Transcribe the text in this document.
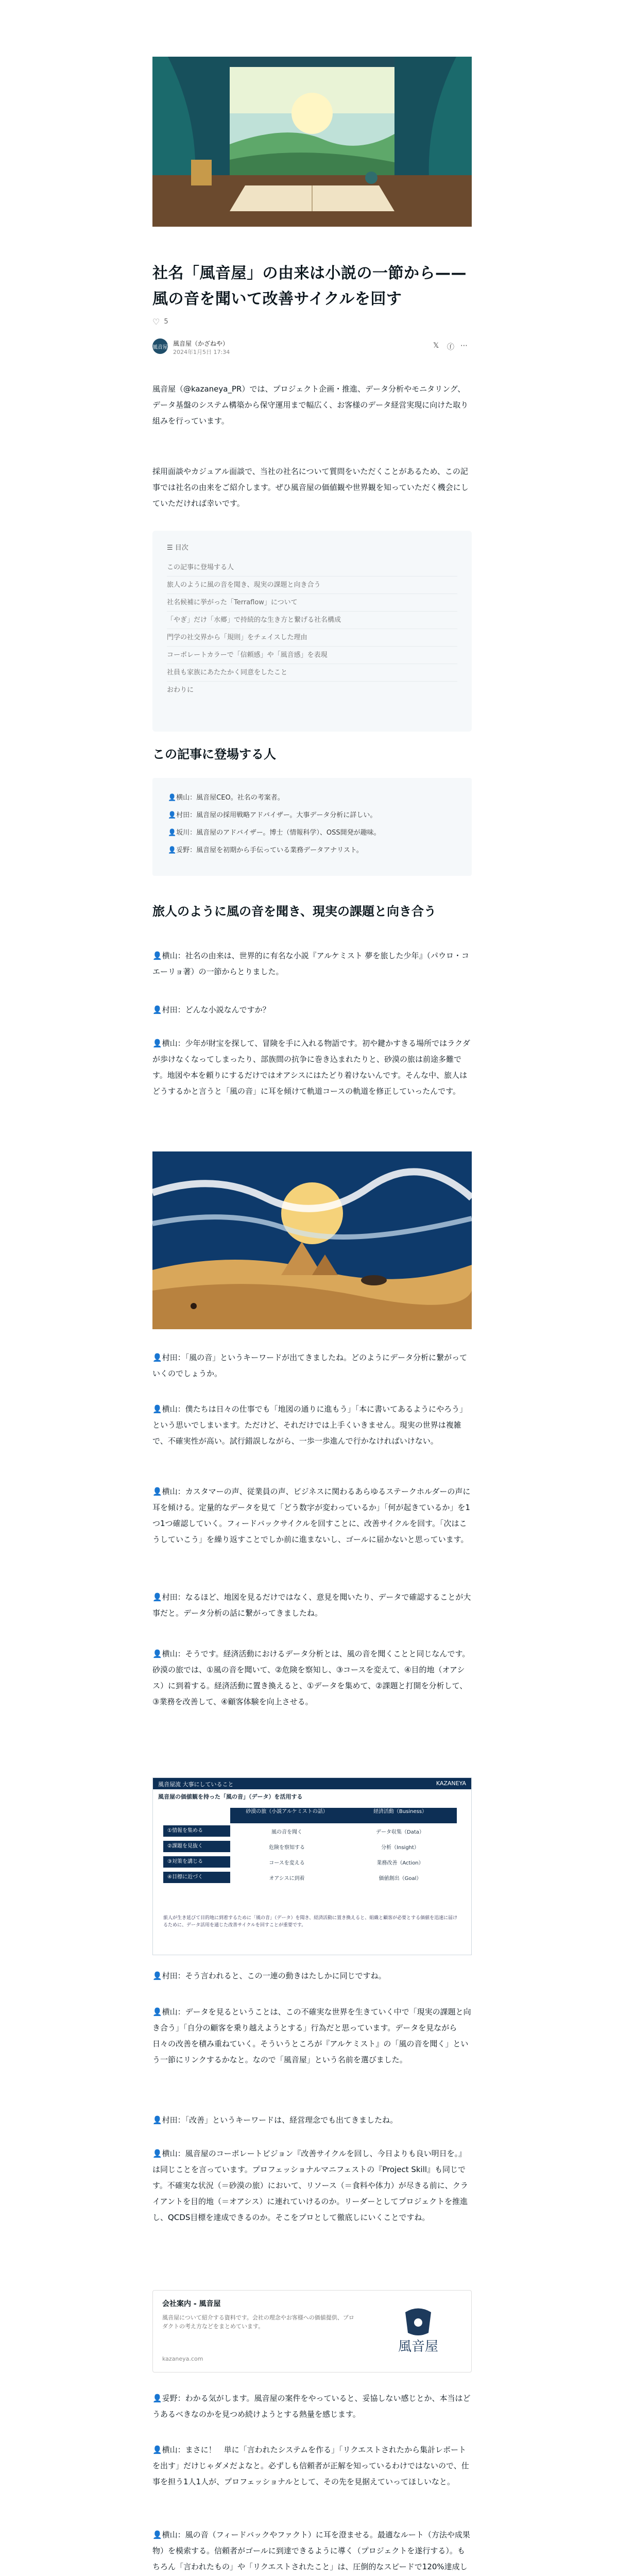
社名「風音屋」の由来は小説の一節から——風の音を聞いて改善サイクルを回す
♡ 5
風音屋 風音屋（かざねや）
2024年1月5日 17:34
𝕏 ⓕ ⋯

風音屋（@kazaneya_PR）では、プロジェクト企画・推進、データ分析やモニタリング、データ基盤のシステム構築から保守運用まで幅広く、お客様のデータ経営実現に向けた取り組みを行っています。

採用面談やカジュアル面談で、当社の社名について質問をいただくことがあるため、この記事では社名の由来をご紹介します。ぜひ風音屋の価値観や世界観を知っていただく機会にしていただければ幸いです。

☰ 目次
この記事に登場する人
旅人のように風の音を聞き、現実の課題と向き合う
社名候補に挙がった「Terraflow」について
「やぎ」だけ「水郷」で持続的な生き方と繋げる社名構成
門学の社交界から「規則」をチェイスした理由
コーポレートカラーで「信頼感」や「風音感」を表現
社員も家族にあたたかく同意をしたこと
おわりに
この記事に登場する人
👤横山：風音屋CEO。社名の考案者。
👤村田：風音屋の採用戦略アドバイザー。大事データ分析に詳しい。
👤坂川：風音屋のアドバイザー。博士（情報科学）、OSS開発が趣味。
👤妥野：風音屋を初期から手伝っている業務データアナリスト。
旅人のように風の音を聞き、現実の課題と向き合う

👤横山：社名の由来は、世界的に有名な小説『アルケミスト 夢を旅した少年』（パウロ・コエーリョ著）の一節からとりました。

👤村田：どんな小説なんですか？

👤横山：少年が財宝を探して、冒険を手に入れる物語です。初や鍵かすきる場所ではラクダが歩けなくなってしまったり、部族間の抗争に巻き込まれたりと、砂漠の旅は前途多難です。地図や本を頼りにするだけではオアシスにはたどり着けないんです。そんな中、旅人はどうするかと言うと「風の音」に耳を傾けて軌道コースの軌道を修正していったんです。

👤村田：「風の音」というキーワードが出てきましたね。どのようにデータ分析に繋がっていくのでしょうか。

👤横山：僕たちは日々の仕事でも「地図の通りに進もう」「本に書いてあるようにやろう」という思いでしまいます。ただけど、それだけでは上手くいきません。現実の世界は複雑で、不確実性が高い。試行錯誤しながら、一歩一歩進んで行かなければいけない。

👤横山：カスタマーの声、従業員の声、ビジネスに関わるあらゆるステークホルダーの声に耳を傾ける。定量的なデータを見て「どう数字が変わっているか」「何が起きているか」を1つ1つ確認していく。フィードバックサイクルを回すことに、改善サイクルを回す。「次はこうしていこう」を繰り返すことでしか前に進まないし、ゴールに届かないと思っています。

👤村田：なるほど、地図を見るだけではなく、意見を聞いたり、データで確認することが大事だと。データ分析の話に繋がってきましたね。

👤横山：そうです。経済活動におけるデータ分析とは、風の音を聞くことと同じなんです。砂漠の旅では、①風の音を聞いて、②危険を察知し、③コースを変えて、④目的地（オアシス）に到着する。経済活動に置き換えると、①データを集めて、②課題と打開を分析して、③業務を改善して、④顧客体験を向上させる。

風音屋流 大事にしていること	KAZANEYA
風音屋の価値観を持った「風の音」（データ）を活用する
砂漠の旅（小説アルケミストの話）	経済活動（Business）
①情報を集める	風の音を聞く	データ収集（Data）
②課題を見抜く	危険を察知する	分析（Insight）
③対策を講じる	コースを変える	業務改善（Action）
④目標に近づく	オアシスに到着	価値創出（Goal）
旅人が生き延びて目的地に到着するために「風の音」（データ）を聞き、経済活動に置き換えると、組織と顧客が必要とする価値を迅速に届けるために、データ活用を通じた改善サイクルを回すことが重要です。

👤村田：そう言われると、この一連の動きはたしかに同じですね。

👤横山：データを見るということは、この不確実な世界を生きていく中で「現実の課題と向き合う」「自分の顧客を乗り越えようとする」行為だと思っています。データを見ながら日々の改善を積み重ねていく。そういうところが『アルケミスト』の「風の音を聞く」という一節にリンクするかなと。なので「風音屋」という名前を選びました。

👤村田：「改善」というキーワードは、経営理念でも出てきましたね。

👤横山：風音屋のコーポレートビジョン『改善サイクルを回し、今日よりも良い明日を。』は同じことを言っています。プロフェッショナルマニフェストの『Project Skill』も同じです。不確実な状況（＝砂漠の旅）において、リソース（＝食料や体力）が尽きる前に、クライアントを目的地（＝オアシス）に連れていけるのか。リーダーとしてプロジェクトを推進し、QCDS目標を達成できるのか。そこをプロとして徹底しにいくことですね。

会社案内 - 風音屋
風音屋について紹介する資料です。会社の理念やお客様への価値提供、プロダクトの考え方などをまとめています。
kazaneya.com
風音屋

👤妥野：わかる気がします。風音屋の案件をやっていると、妥協しない感じとか、本当はどうあるべきなのかを見つめ続けようとする熱量を感じます。

👤横山：まさに！　単に「言われたシステムを作る」「リクエストされたから集計レポートを出す」だけじゃダメだよなと。必ずしも信頼者が正解を知っているわけではないので、仕事を担う1人1人が、プロフェッショナルとして、その先を見据えていってほしいなと。

👤横山：風の音（フィードバックやファクト）に耳を澄ませる。最適なルート（方法や成果物）を模索する。信頼者がゴールに到達できるように導く（プロジェクトを遂行する）。もちろん「言われたもの」や「リクエストされたこと」は、圧倒的なスピードで120%達成し
